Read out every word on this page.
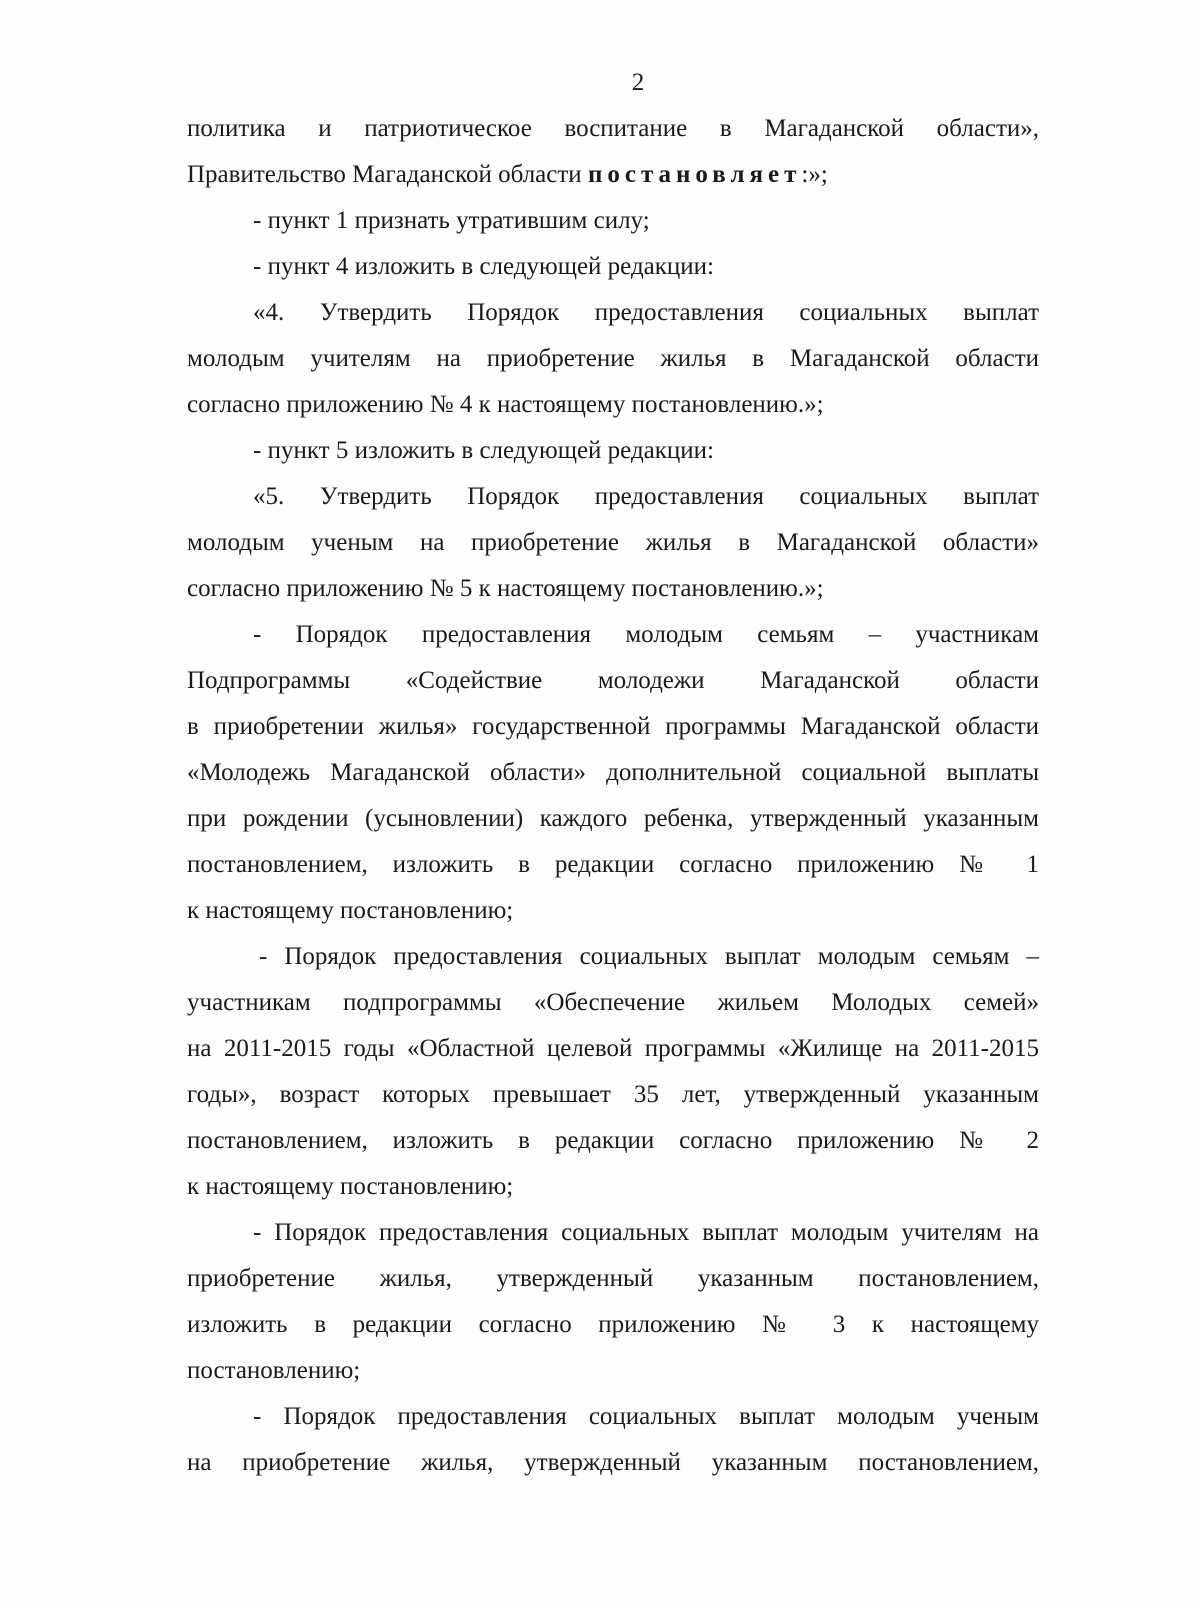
2

политика и патриотическое воспитание в Магаданской области»,

Правительство Магаданской области постановляет:»;

- пункт 1 признать утратившим силу;

- пункт 4 изложить в следующей редакции:

«4. Утвердить Порядок предоставления социальных выплат

молодым учителям на приобретение жилья в Магаданской области

согласно приложению № 4 к настоящему постановлению.»;

- пункт 5 изложить в следующей редакции:

«5. Утвердить Порядок предоставления социальных выплат

молодым ученым на приобретение жилья в Магаданской области»

согласно приложению № 5 к настоящему постановлению.»;

- Порядок предоставления молодым семьям – участникам

Подпрограммы «Содействие молодежи Магаданской области

в приобретении жилья» государственной программы Магаданской области

«Молодежь Магаданской области» дополнительной социальной выплаты

при рождении (усыновлении) каждого ребенка, утвержденный указанным

постановлением, изложить в редакции согласно приложению № 1

к настоящему постановлению;

- Порядок предоставления социальных выплат молодым семьям –

участникам подпрограммы «Обеспечение жильем Молодых семей»

на 2011-2015 годы «Областной целевой программы «Жилище на 2011-2015

годы», возраст которых превышает 35 лет, утвержденный указанным

постановлением, изложить в редакции согласно приложению № 2

к настоящему постановлению;

- Порядок предоставления социальных выплат молодым учителям на

приобретение жилья, утвержденный указанным постановлением,

изложить в редакции согласно приложению № 3 к настоящему

постановлению;

- Порядок предоставления социальных выплат молодым ученым

на приобретение жилья, утвержденный указанным постановлением,
